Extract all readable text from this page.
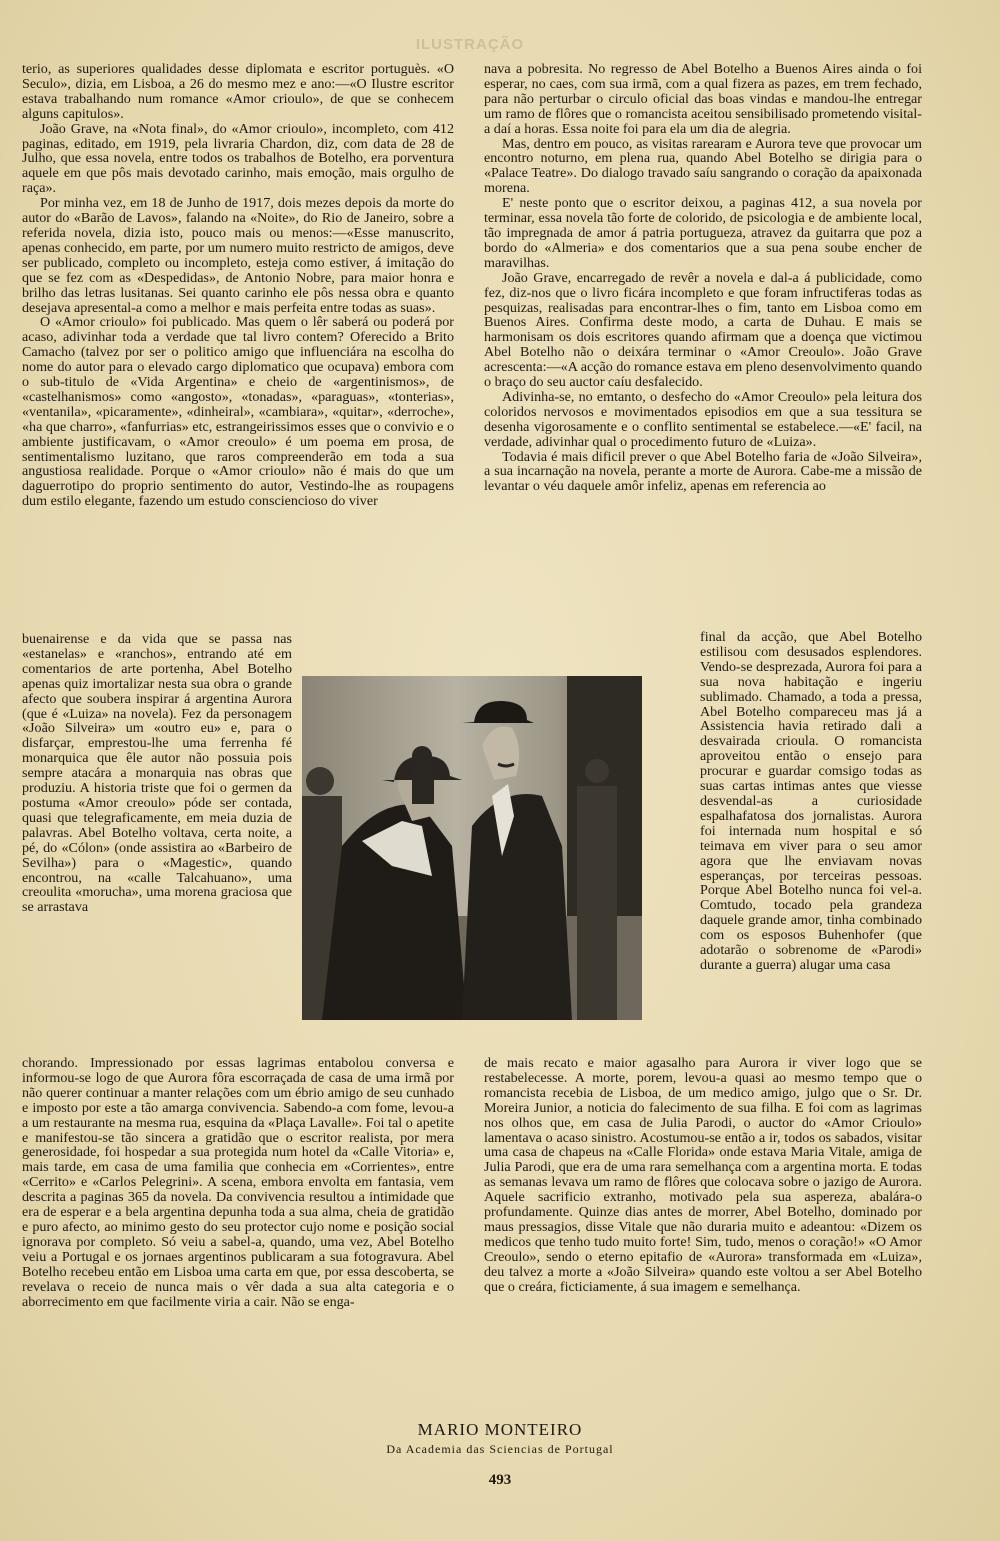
ILUSTRAÇÃO

terio, as superiores qualidades desse diplomata e escritor portuguès. «O Seculo», dizia, em Lisboa, a 26 do mesmo mez e ano:—«O Ilustre escritor estava trabalhando num romance «Amor crioulo», de que se conhecem alguns capitulos».

João Grave, na «Nota final», do «Amor crioulo», incompleto, com 412 paginas, editado, em 1919, pela livraria Chardon, diz, com data de 28 de Julho, que essa novela, entre todos os trabalhos de Botelho, era porventura aquele em que pôs mais devotado carinho, mais emoção, mais orgulho de raça».

Por minha vez, em 18 de Junho de 1917, dois mezes depois da morte do autor do «Barão de Lavos», falando na «Noite», do Rio de Janeiro, sobre a referida novela, dizia isto, pouco mais ou menos:—«Esse manuscrito, apenas conhecido, em parte, por um numero muito restricto de amigos, deve ser publicado, completo ou incompleto, esteja como estiver, á imitação do que se fez com as «Despedidas», de Antonio Nobre, para maior honra e brilho das letras lusitanas. Sei quanto carinho ele pôs nessa obra e quanto desejava apresental-a como a melhor e mais perfeita entre todas as suas».

O «Amor crioulo» foi publicado. Mas quem o lêr saberá ou poderá por acaso, adivinhar toda a verdade que tal livro contem? Oferecido a Brito Camacho (talvez por ser o politico amigo que influenciára na escolha do nome do autor para o elevado cargo diplomatico que ocupava) embora com o sub-titulo de «Vida Argentina» e cheio de «argentinismos», de «castelhanismos» como «angosto», «tonadas», «paraguas», «tonterias», «ventanila», «picaramente», «dinheiral», «cambiara», «quitar», «derroche», «ha que charro», «fanfurrias» etc, estrangeirissimos esses que o convivio e o ambiente justificavam, o «Amor creoulo» é um poema em prosa, de sentimentalismo luzitano, que raros compreenderão em toda a sua angustiosa realidade. Porque o «Amor crioulo» não é mais do que um daguerrotipo do proprio sentimento do autor, Vestindo-lhe as roupagens dum estilo elegante, fazendo um estudo consciencioso do viver

buenairense e da vida que se passa nas «estanelas» e «ranchos», entrando até em comentarios de arte portenha, Abel Botelho apenas quiz imortalizar nesta sua obra o grande afecto que soubera inspirar á argentina Aurora (que é «Luiza» na novela). Fez da personagem «João Silveira» um «outro eu» e, para o disfarçar, emprestou-lhe uma ferrenha fé monarquica que êle autor não possuia pois sempre atacára a monarquia nas obras que produziu. A historia triste que foi o germen da postuma «Amor creoulo» póde ser contada, quasi que telegraficamente, em meia duzia de palavras. Abel Botelho voltava, certa noite, a pé, do «Cólon» (onde assistira ao «Barbeiro de Sevilha») para o «Magestic», quando encontrou, na «calle Talcahuano», uma creoulita «morucha», uma morena graciosa que se arrastava

chorando. Impressionado por essas lagrimas entabolou conversa e informou-se logo de que Aurora fôra escorraçada de casa de uma irmã por não querer continuar a manter relações com um ébrio amigo de seu cunhado e imposto por este a tão amarga convivencia. Sabendo-a com fome, levou-a a um restaurante na mesma rua, esquina da «Plaça Lavalle». Foi tal o apetite e manifestou-se tão sincera a gratidão que o escritor realista, por mera generosidade, foi hospedar a sua protegida num hotel da «Calle Vitoria» e, mais tarde, em casa de uma familia que conhecia em «Corrientes», entre «Cerrito» e «Carlos Pelegrini». A scena, embora envolta em fantasia, vem descrita a paginas 365 da novela. Da convivencia resultou a intimidade que era de esperar e a bela argentina depunha toda a sua alma, cheia de gratidão e puro afecto, ao minimo gesto do seu protector cujo nome e posição social ignorava por completo. Só veiu a sabel-a, quando, uma vez, Abel Botelho veiu a Portugal e os jornaes argentinos publicaram a sua fotogravura. Abel Botelho recebeu então em Lisboa uma carta em que, por essa descoberta, se revelava o receio de nunca mais o vêr dada a sua alta categoria e o aborrecimento em que facilmente viria a cair. Não se enga-

nava a pobresita. No regresso de Abel Botelho a Buenos Aires ainda o foi esperar, no caes, com sua irmã, com a qual fizera as pazes, em trem fechado, para não perturbar o circulo oficial das boas vindas e mandou-lhe entregar um ramo de flôres que o romancista aceitou sensibilisado prometendo visital-a daí a horas. Essa noite foi para ela um dia de alegria.

Mas, dentro em pouco, as visitas rarearam e Aurora teve que provocar um encontro noturno, em plena rua, quando Abel Botelho se dirigia para o «Palace Teatre». Do dialogo travado saíu sangrando o coração da apaixonada morena.

E' neste ponto que o escritor deixou, a paginas 412, a sua novela por terminar, essa novela tão forte de colorido, de psicologia e de ambiente local, tão impregnada de amor á patria portugueza, atravez da guitarra que poz a bordo do «Almeria» e dos comentarios que a sua pena soube encher de maravilhas.

João Grave, encarregado de revêr a novela e dal-a á publicidade, como fez, diz-nos que o livro ficára incompleto e que foram infructiferas todas as pesquizas, realisadas para encontrar-lhes o fim, tanto em Lisboa como em Buenos Aires. Confirma deste modo, a carta de Duhau. E mais se harmonisam os dois escritores quando afirmam que a doença que victimou Abel Botelho não o deixára terminar o «Amor Creoulo». João Grave acrescenta:—«A acção do romance estava em pleno desenvolvimento quando o braço do seu auctor caíu desfalecido.

Adivinha-se, no emtanto, o desfecho do «Amor Creoulo» pela leitura dos coloridos nervosos e movimentados episodios em que a sua tessitura se desenha vigorosamente e o conflito sentimental se estabelece.—«E' facil, na verdade, adivinhar qual o procedimento futuro de «Luiza».

Todavia é mais dificil prever o que Abel Botelho faria de «João Silveira», a sua incarnação na novela, perante a morte de Aurora. Cabe-me a missão de levantar o véu daquele amôr infeliz, apenas em referencia ao

final da acção, que Abel Botelho estilisou com desusados esplendores. Vendo-se desprezada, Aurora foi para a sua nova habitação e ingeriu sublimado. Chamado, a toda a pressa, Abel Botelho compareceu mas já a Assistencia havia retirado dali a desvairada crioula. O romancista aproveitou então o ensejo para procurar e guardar comsigo todas as suas cartas intimas antes que viesse desvendal-as a curiosidade espalhafatosa dos jornalistas. Aurora foi internada num hospital e só teimava em viver para o seu amor agora que lhe enviavam novas esperanças, por terceiras pessoas. Porque Abel Botelho nunca foi vel-a. Comtudo, tocado pela grandeza daquele grande amor, tinha combinado com os esposos Buhenhofer (que adotarão o sobrenome de «Parodi» durante a guerra) alugar uma casa

de mais recato e maior agasalho para Aurora ir viver logo que se restabelecesse. A morte, porem, levou-a quasi ao mesmo tempo que o romancista recebia de Lisboa, de um medico amigo, julgo que o Sr. Dr. Moreira Junior, a noticia do falecimento de sua filha. E foi com as lagrimas nos olhos que, em casa de Julia Parodi, o auctor do «Amor Crioulo» lamentava o acaso sinistro. Acostumou-se então a ir, todos os sabados, visitar uma casa de chapeus na «Calle Florida» onde estava Maria Vitale, amiga de Julia Parodi, que era de uma rara semelhança com a argentina morta. E todas as semanas levava um ramo de flôres que colocava sobre o jazigo de Aurora. Aquele sacrificio extranho, motivado pela sua aspereza, abalára-o profundamente. Quinze dias antes de morrer, Abel Botelho, dominado por maus pressagios, disse Vitale que não duraria muito e adeantou: «Dizem os medicos que tenho tudo muito forte! Sim, tudo, menos o coração!» «O Amor Creoulo», sendo o eterno epitafio de «Aurora» transformada em «Luiza», deu talvez a morte a «João Silveira» quando este voltou a ser Abel Botelho que o creára, ficticiamente, á sua imagem e semelhança.

MARIO MONTEIRO
Da Academia das Sciencias de Portugal
493
